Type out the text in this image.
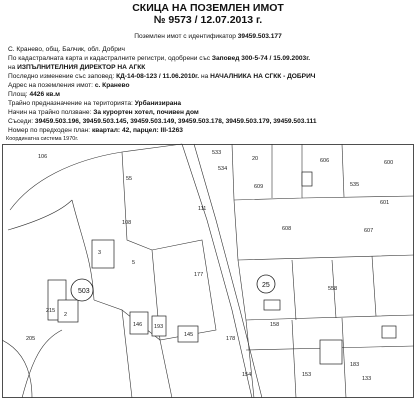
СКИЦА НА ПОЗЕМЛЕН ИМОТ
№ 9573 / 12.07.2013 г.
Поземлен имот с идентификатор 39459.503.177
С. Кранево, общ. Балчик, обл. Добрич
По кадастралната карта и кадастралните регистри, одобрени със Заповед 300-5-74 / 15.09.2003г.
на ИЗПЪЛНИТЕЛНИЯ ДИРЕКТОР НА АГКК
Последно изменение със заповед: КД-14-08-123 / 11.06.2010г. на НАЧАЛНИКА НА СГКК - ДОБРИЧ
Адрес на поземления имот: с. Кранево
Площ: 4426 кв.м
Трайно предназначение на територията: Урбанизирана
Начин на трайно ползване: За курортен хотел, почивен дом
Съседи: 39459.503.196, 39459.503.145, 39459.503.149, 39459.503.178, 39459.503.179, 39459.503.111
Номер по предходен план: квартал: 42, парцел: III-1263
Координатна система 1970г.
533
20
609
606
535
600
601
55
111
177
503
25	558
178
146 193
145
215
205
154	153
106
2
3
5
158
133
534
183
608	607
108
